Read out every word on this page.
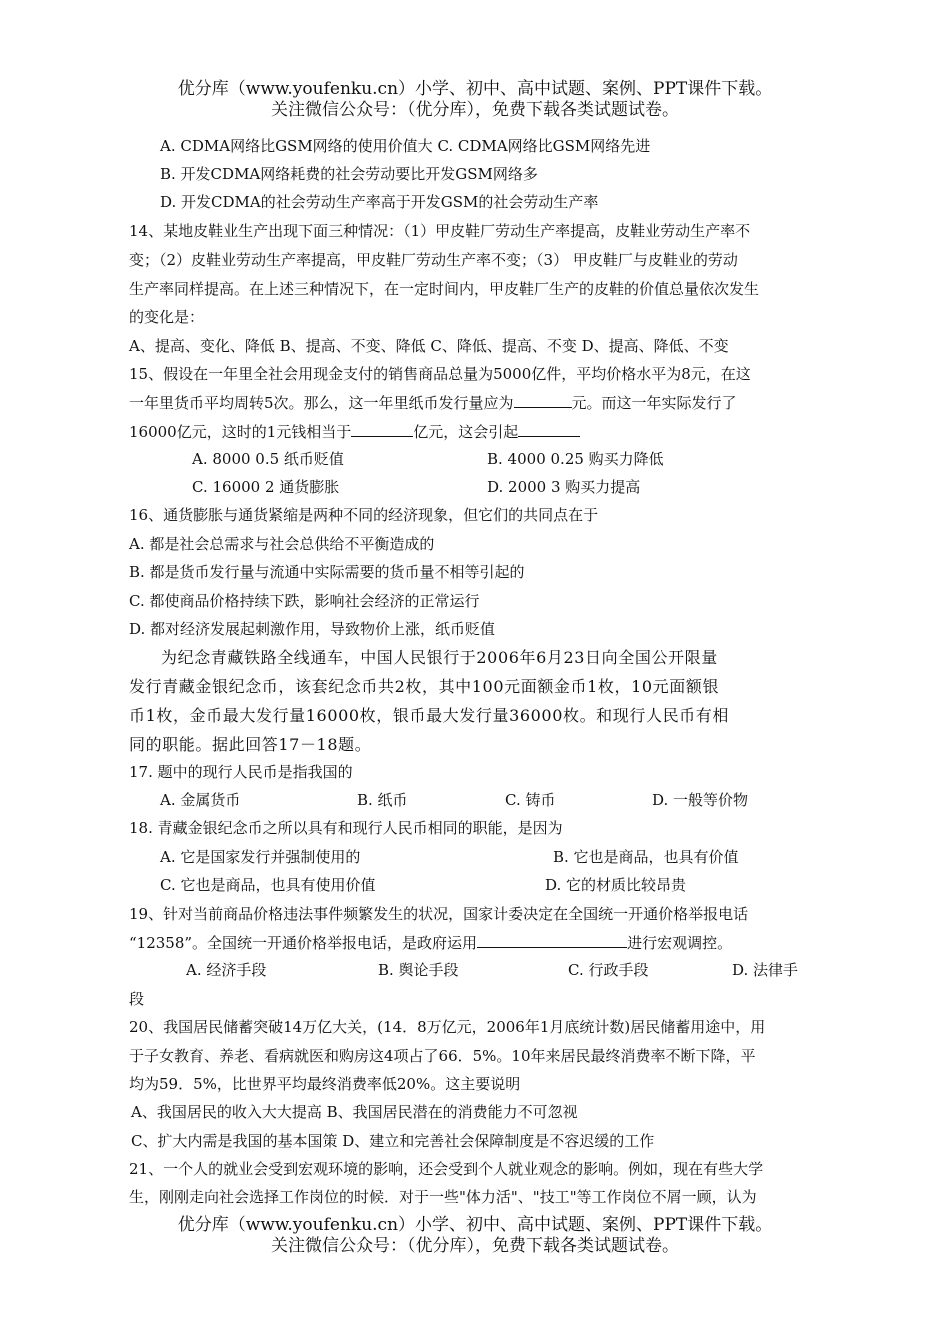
优分库（www.youfenku.cn）小学、初中、高中试题、案例、PPT课件下载。
关注微信公众号：（优分库），免费下载各类试题试卷。
A. CDMA网络比GSM网络的使用价值大 C. CDMA网络比GSM网络先进
B. 开发CDMA网络耗费的社会劳动要比开发GSM网络多
D. 开发CDMA的社会劳动生产率高于开发GSM的社会劳动生产率
14、某地皮鞋业生产出现下面三种情况：（1）甲皮鞋厂劳动生产率提高，皮鞋业劳动生产率不
变；（2）皮鞋业劳动生产率提高，甲皮鞋厂劳动生产率不变；（3） 甲皮鞋厂与皮鞋业的劳动
生产率同样提高。在上述三种情况下，在一定时间内，甲皮鞋厂生产的皮鞋的价值总量依次发生
的变化是：
A、提高、变化、降低 B、提高、不变、降低 C、降低、提高、不变 D、提高、降低、不变
15、假设在一年里全社会用现金支付的销售商品总量为5000亿件，平均价格水平为8元，在这
一年里货币平均周转5次。那么，这一年里纸币发行量应为	元。而这一年实际发行了
16000亿元，这时的1元钱相当于	亿元，这会引起
A. 8000 0.5 纸币贬值	B. 4000 0.25 购买力降低
C. 16000 2 通货膨胀	D. 2000 3 购买力提高
16、通货膨胀与通货紧缩是两种不同的经济现象，但它们的共同点在于
A. 都是社会总需求与社会总供给不平衡造成的
B. 都是货币发行量与流通中实际需要的货币量不相等引起的
C. 都使商品价格持续下跌，影响社会经济的正常运行
D. 都对经济发展起刺激作用，导致物价上涨，纸币贬值
为纪念青藏铁路全线通车，中国人民银行于2006年6月23日向全国公开限量
发行青藏金银纪念币，该套纪念币共2枚，其中100元面额金币1枚，10元面额银
币1枚，金币最大发行量16000枚，银币最大发行量36000枚。和现行人民币有相
同的职能。据此回答17－18题。
17. 题中的现行人民币是指我国的
A. 金属货币	B. 纸币	C. 铸币	D. 一般等价物
18. 青藏金银纪念币之所以具有和现行人民币相同的职能，是因为
A. 它是国家发行并强制使用的	B. 它也是商品，也具有价值
C. 它也是商品，也具有使用价值	D. 它的材质比较昂贵
19、针对当前商品价格违法事件频繁发生的状况，国家计委决定在全国统一开通价格举报电话
“12358”。全国统一开通价格举报电话，是政府运用	进行宏观调控。
A. 经济手段	B. 舆论手段	C. 行政手段	D. 法律手
段
20、我国居民储蓄突破14万亿大关，(14．8万亿元，2006年1月底统计数)居民储蓄用途中，用
于子女教育、养老、看病就医和购房这4项占了66．5%。10年来居民最终消费率不断下降，平
均为59．5%，比世界平均最终消费率低20%。这主要说明
A、我国居民的收入大大提高 B、我国居民潜在的消费能力不可忽视
C、扩大内需是我国的基本国策 D、建立和完善社会保障制度是不容迟缓的工作
21、一个人的就业会受到宏观环境的影响，还会受到个人就业观念的影响。例如，现在有些大学
生，刚刚走向社会选择工作岗位的时候．对于一些"体力活"、"技工"等工作岗位不屑一顾，认为
优分库（www.youfenku.cn）小学、初中、高中试题、案例、PPT课件下载。
关注微信公众号：（优分库），免费下载各类试题试卷。
